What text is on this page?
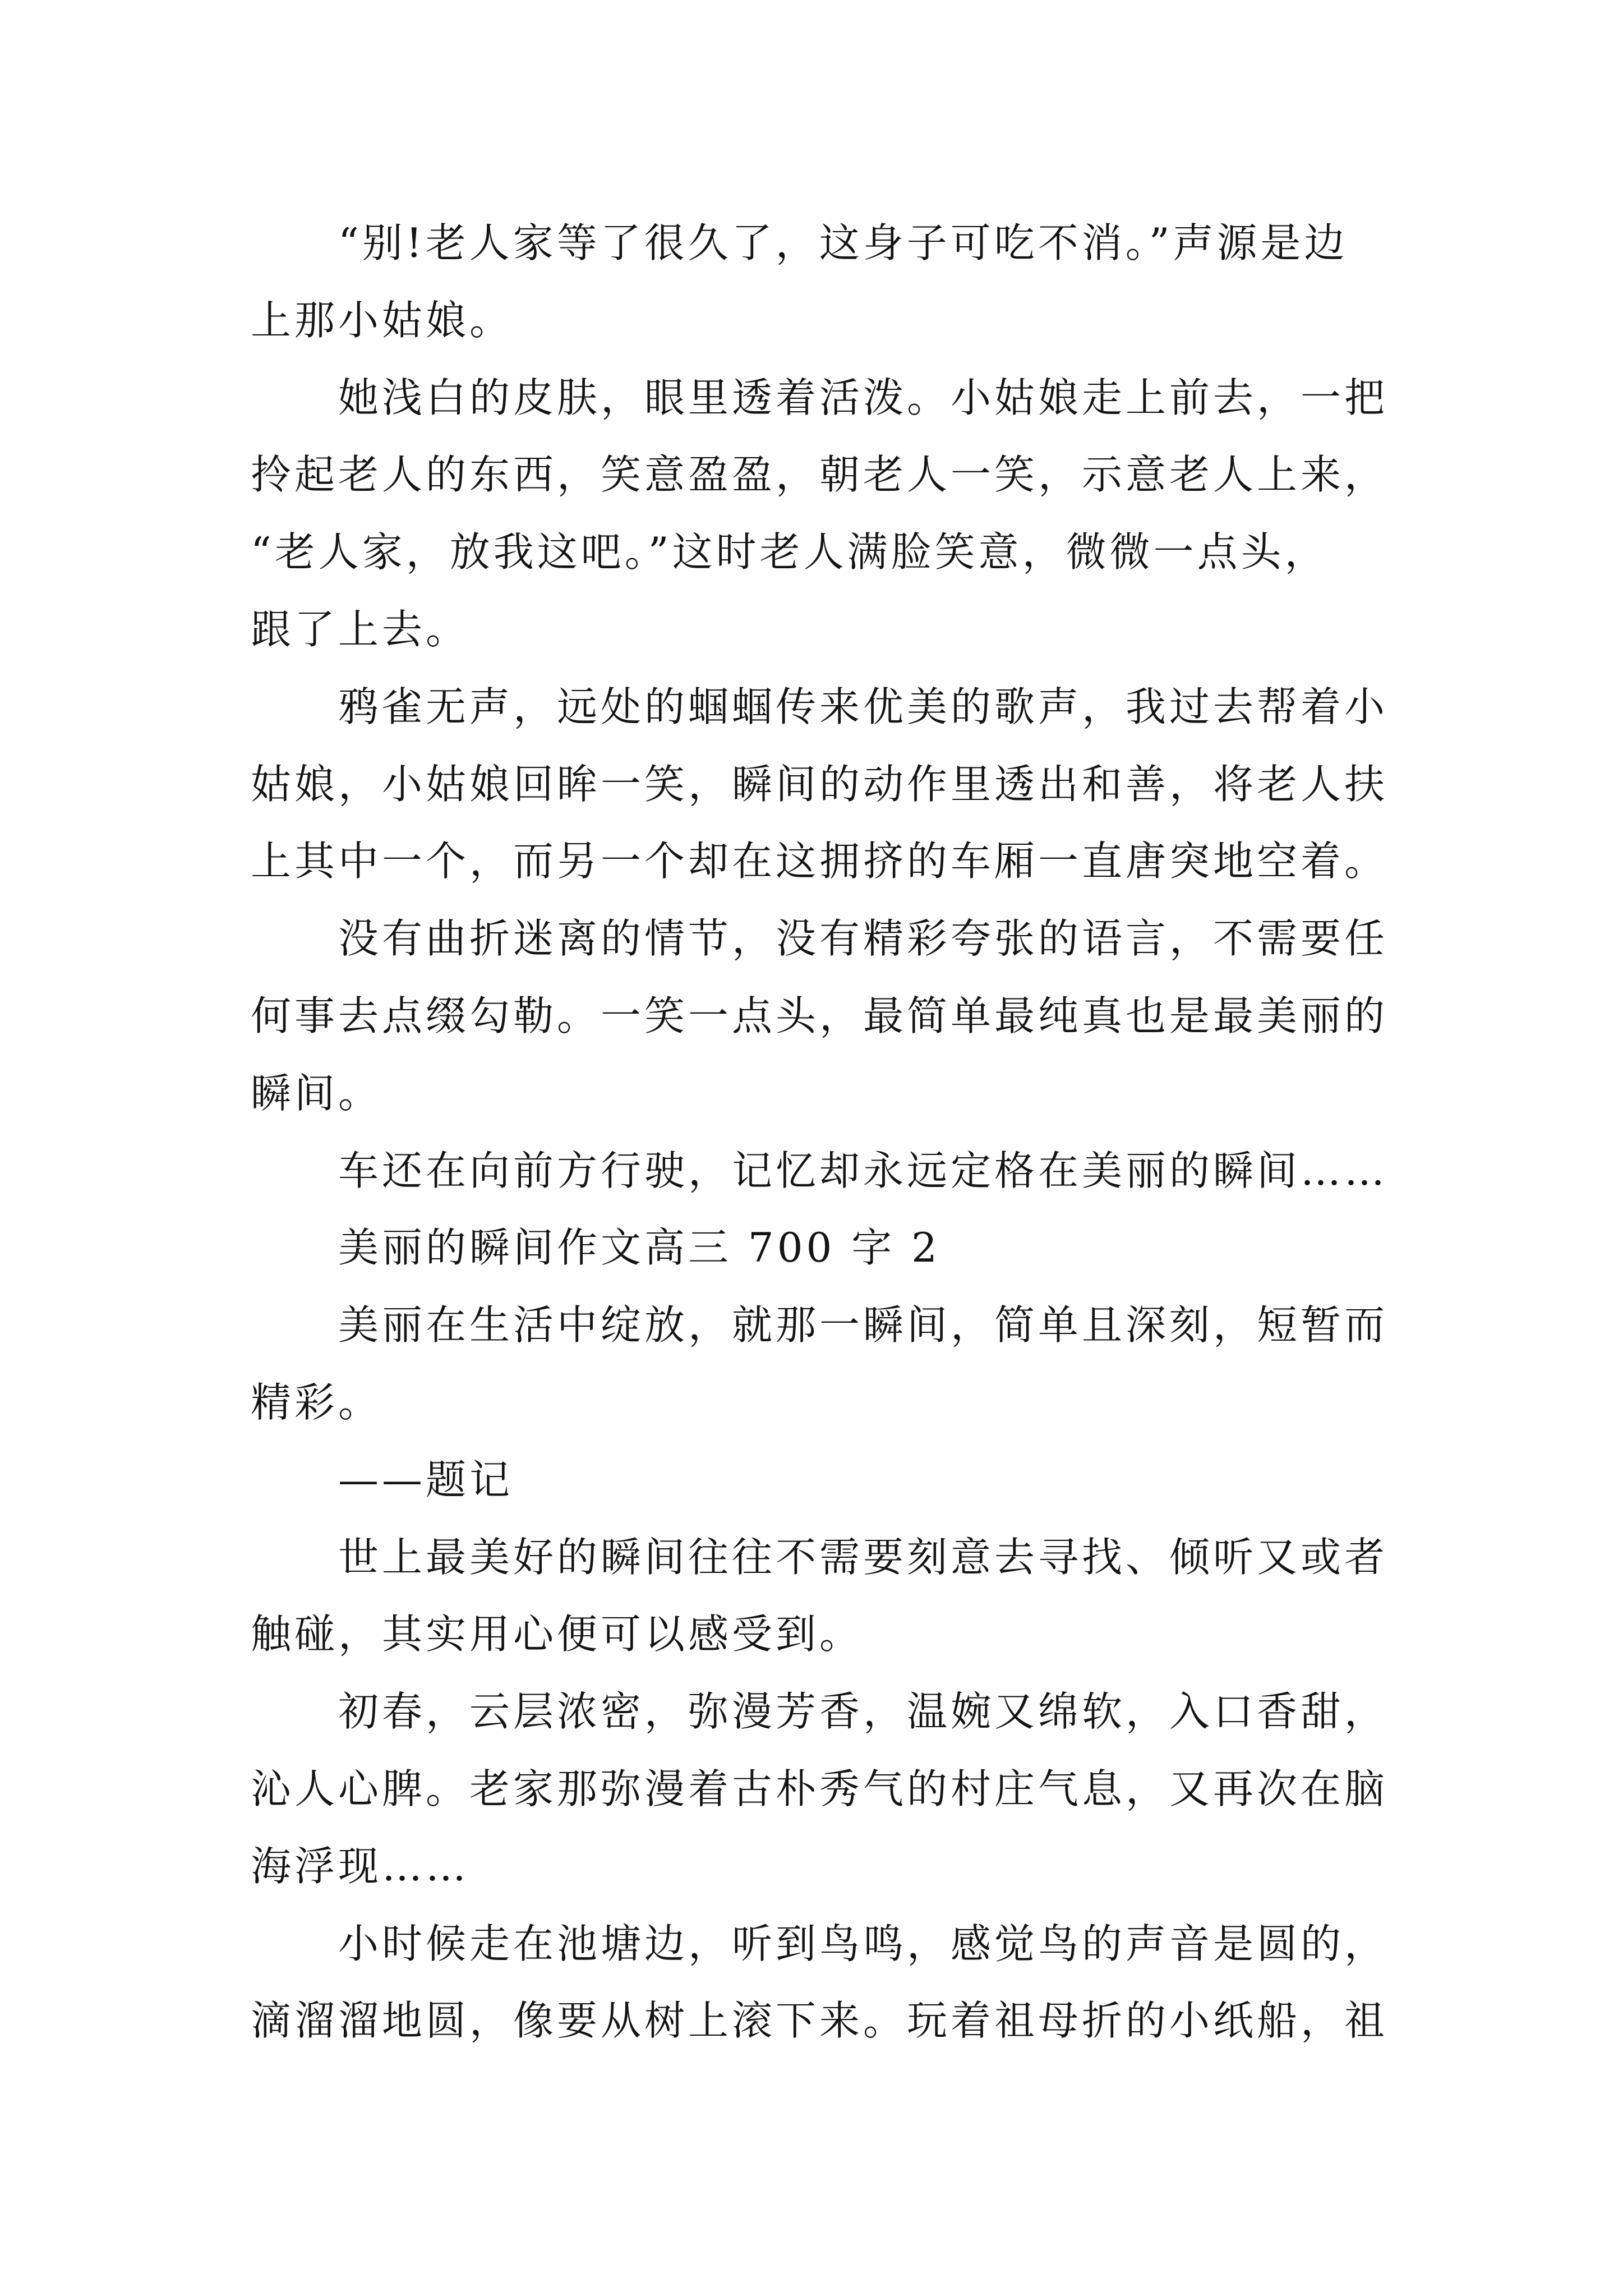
“别!老人家等了很久了，这身子可吃不消。”声源是边
上那小姑娘。
她浅白的皮肤，眼里透着活泼。小姑娘走上前去，一把
拎起老人的东西，笑意盈盈，朝老人一笑，示意老人上来，
“老人家，放我这吧。”这时老人满脸笑意，微微一点头，
跟了上去。
鸦雀无声，远处的蝈蝈传来优美的歌声，我过去帮着小
姑娘，小姑娘回眸一笑，瞬间的动作里透出和善，将老人扶
上其中一个，而另一个却在这拥挤的车厢一直唐突地空着。
没有曲折迷离的情节，没有精彩夸张的语言，不需要任
何事去点缀勾勒。一笑一点头，最简单最纯真也是最美丽的
瞬间。
车还在向前方行驶，记忆却永远定格在美丽的瞬间……
美丽的瞬间作文高三 700 字 2
美丽在生活中绽放，就那一瞬间，简单且深刻，短暂而
精彩。
——题记
世上最美好的瞬间往往不需要刻意去寻找、倾听又或者
触碰，其实用心便可以感受到。
初春，云层浓密，弥漫芳香，温婉又绵软，入口香甜，
沁人心脾。老家那弥漫着古朴秀气的村庄气息，又再次在脑
海浮现……
小时候走在池塘边，听到鸟鸣，感觉鸟的声音是圆的，
滴溜溜地圆，像要从树上滚下来。玩着祖母折的小纸船，祖
